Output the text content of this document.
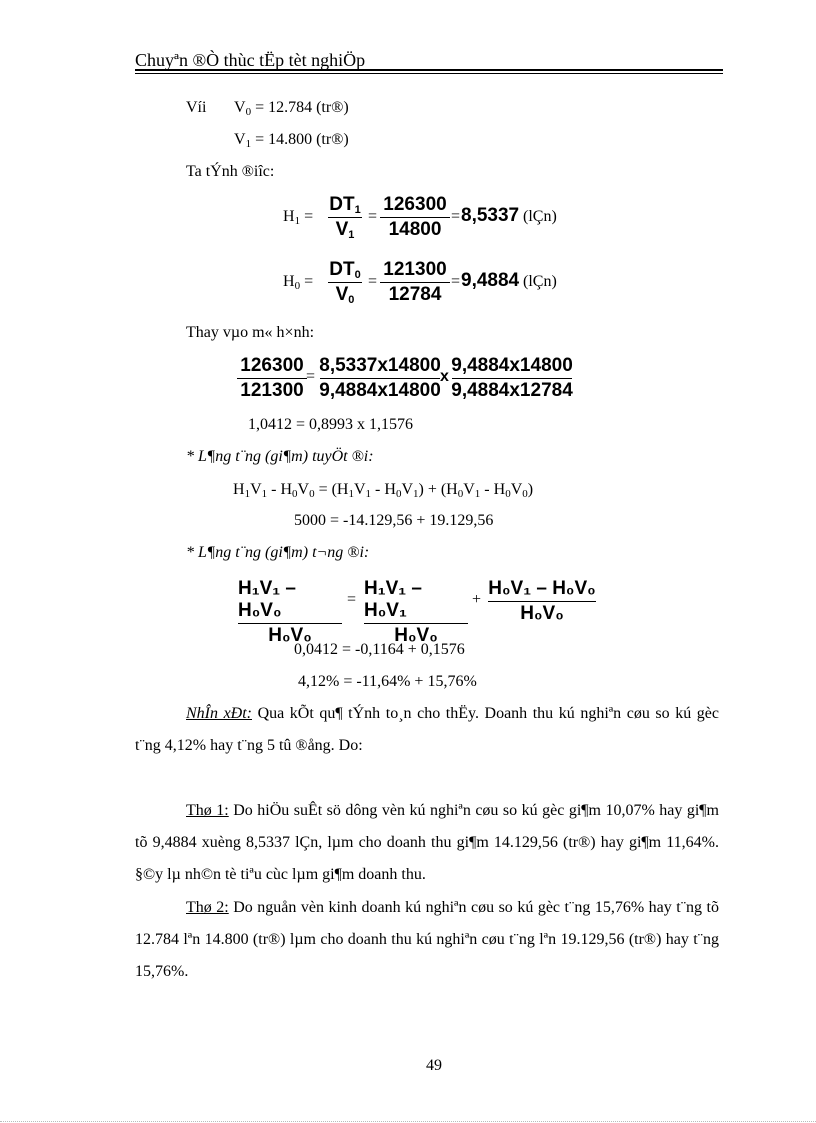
Chuyªn ®Ò thùc tËp tèt nghiÖp
Víi $V_0 = 12.784$ (tr®)
$V_1 = 14.800$ (tr®)
Ta tÝnh ®iîc:
$H_1$ =
$DT_1$
$V_1$
=
126300
14800
= 8,5337 (lÇn)
$H_0$ =
$DT_0$
$V_0$
=
121300
12784
= 9,4884 (lÇn)
Thay vµo m« h×nh:
126300
121300
=
8,5337x14800
9,4884x14800
x
9,4884x14800
9,4884x12784
1,0412 = 0,8993 x 1,1576
* L¶ng t¨ng (gi¶m) tuyÖt ®i:
$H_1V_1 - H_0V_0 = (H_1V_1 - H_0V_1) + (H_0V_1 - H_0V_0)$
5000 = -14.129,56 + 19.129,56
* L¶ng t¨ng (gi¶m) t¬ng ®i:
H₁V₁ – H₀V₀
H₀V₀
=
H₁V₁ – H₀V₁
H₀V₀
+
H₀V₁ – H₀V₀
H₀V₀
0,0412 = -0,1164 + 0,1576
4,12% = -11,64% + 15,76%
NhÎn xÐt: Qua kÕt qu¶ tÝnh to¸n cho thËy. Doanh thu kú nghiªn cøu so kú gèc t¨ng 4,12% hay t¨ng 5 tû ®ång. Do:
Thø 1: Do hiÖu suÊt sö dông vèn kú nghiªn cøu so kú gèc gi¶m 10,07% hay gi¶m tõ 9,4884 xuèng 8,5337 lÇn, lµm cho doanh thu gi¶m 14.129,56 (tr®) hay gi¶m 11,64%. §©y lµ nh©n tè tiªu cùc lµm gi¶m doanh thu.
Thø 2: Do nguån vèn kinh doanh kú nghiªn cøu so kú gèc t¨ng 15,76% hay t¨ng tõ 12.784 lªn 14.800 (tr®) lµm cho doanh thu kú nghiªn cøu t¨ng lªn 19.129,56 (tr®) hay t¨ng 15,76%.
49
